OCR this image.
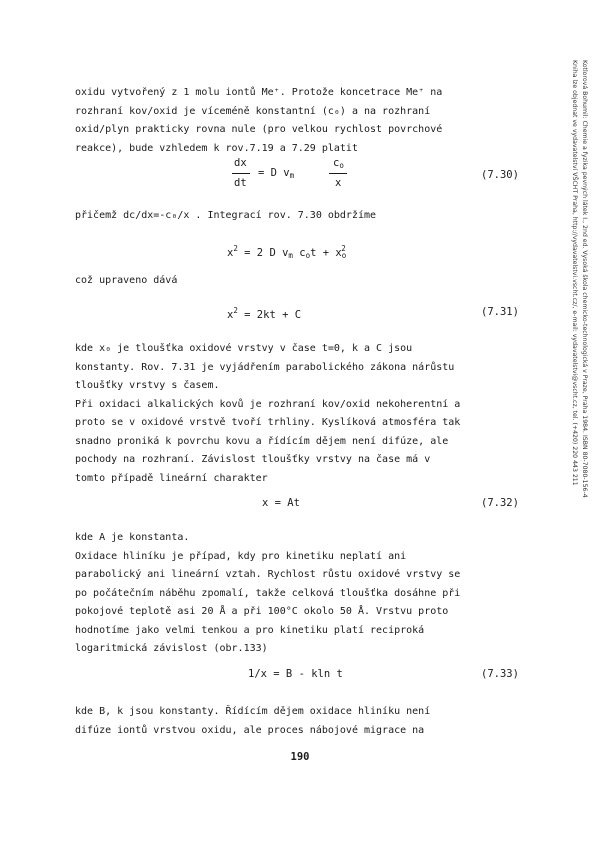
Kotlorová Bohumil: Chemie a fyzika pevných látek I., 2nd ed. Vysoká škola chemicko-technologická v Praze, Praha 1984. ISBN 80-7080-156-4
Kniha lze objednat ve vydavatelství VŠCHT Praha, http://vydavatelstvi.vscht.cz/, e-mail: vydavatelstvi@vscht.cz, tel. (+420) 220 443 211
oxidu vytvořený z 1 molu iontů Me⁺. Protože koncetrace Me⁺ na
rozhraní kov/oxid je víceméně konstantní (c₀) a na rozhraní
oxid/plyn prakticky rovna nule (pro velkou rychlost povrchové
reakce), bude vzhledem k rov.7.19 a 7.29 platit
dx
dt
= D $v_m$
$c_o$
x
(7.30)
přičemž dc/dx=-c₀/x . Integrací rov. 7.30 obdržíme
$x^2 = 2$ D $v_m$ $c_ot + x_o^2$
což upraveno dává
$x^2 = 2kt + C$	(7.31)
kde x₀ je tloušťka oxidové vrstvy v čase t=0, k a C jsou
konstanty. Rov. 7.31 je vyjádřením parabolického zákona nárůstu
tloušťky vrstvy s časem.
Při oxidaci alkalických kovů je rozhraní kov/oxid nekoherentní a
proto se v oxidové vrstvě tvoří trhliny. Kyslíková atmosféra tak
snadno proniká k povrchu kovu a řídícím dějem není difúze, ale
pochody na rozhraní. Závislost tloušťky vrstvy na čase má v
tomto případě lineární charakter
x = At	(7.32)
kde A je konstanta.
Oxidace hliníku je případ, kdy pro kinetiku neplatí ani
parabolický ani lineární vztah. Rychlost růstu oxidové vrstvy se
po počátečním náběhu zpomalí, takže celková tloušťka dosáhne při
pokojové teplotě asi 20 Å a při 100°C okolo 50 Å. Vrstvu proto
hodnotíme jako velmi tenkou a pro kinetiku platí reciproká
logaritmická závislost (obr.133)
1/x = B - kln t	(7.33)
kde B, k jsou konstanty. Řídícím dějem oxidace hliníku není
difúze iontů vrstvou oxidu, ale proces nábojové migrace na
190
